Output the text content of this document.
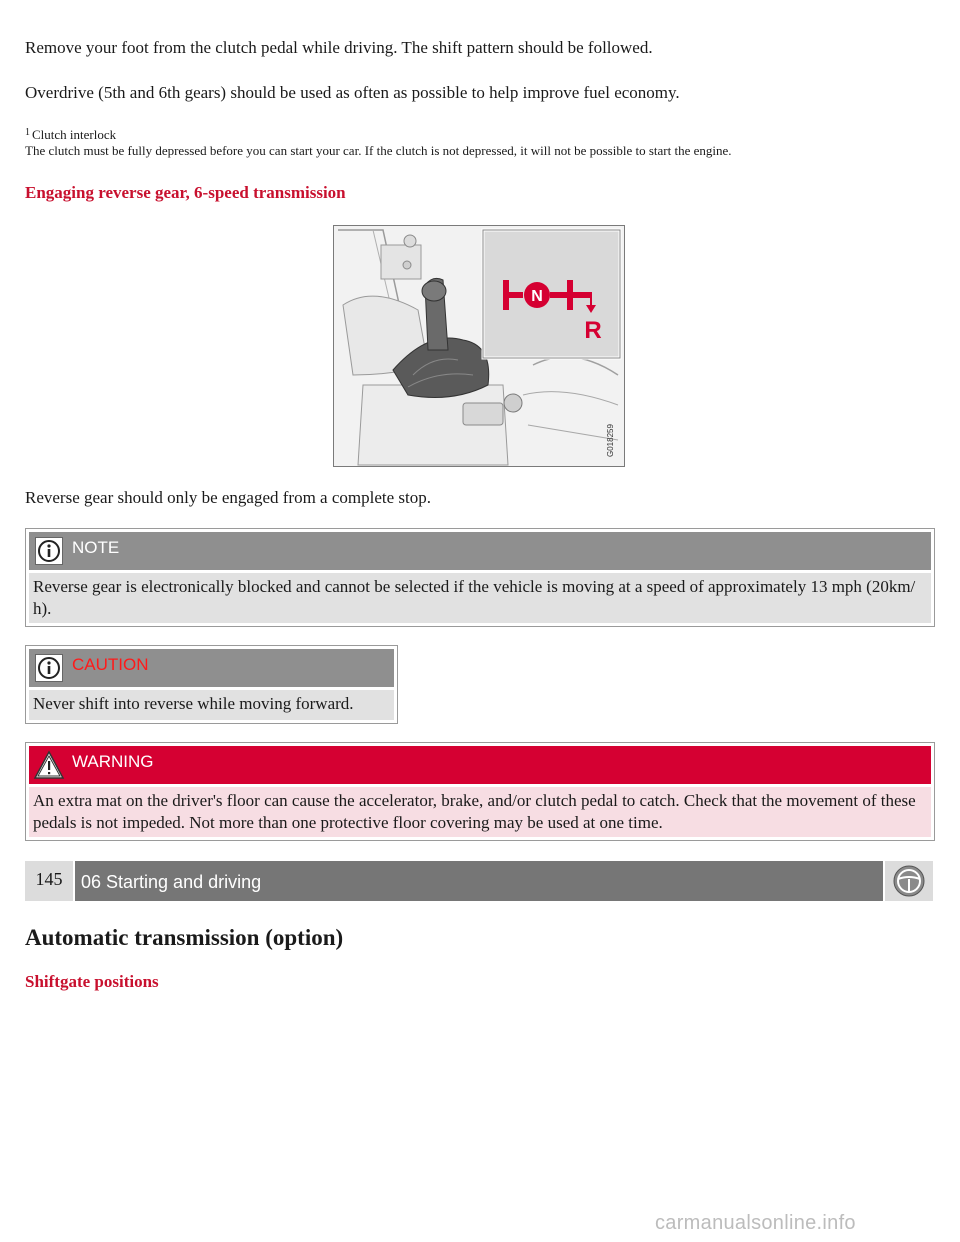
Remove your foot from the clutch pedal while driving. The shift pattern should be followed.

Overdrive (5th and 6th gears) should be used as often as possible to help improve fuel economy.

$^1$ Clutch interlock
The clutch must be fully depressed before you can start your car. If the clutch is not depressed, it will not be possible to start the engine.
Engaging reverse gear, 6-speed transmission
N
R
G018259

Reverse gear should only be engaged from a complete stop.

NOTE
Reverse gear is electronically blocked and cannot be selected if the vehicle is moving at a speed of approximately 13 mph (20km/ h).
CAUTION
Never shift into reverse while moving forward.
WARNING
An extra mat on the driver's floor can cause the accelerator, brake, and/or clutch pedal to catch. Check that the movement of these pedals is not impeded. Not more than one protective floor covering may be used at one time.
145	06 Starting and driving
Automatic transmission (option)
Shiftgate positions
carmanualsonline.info
